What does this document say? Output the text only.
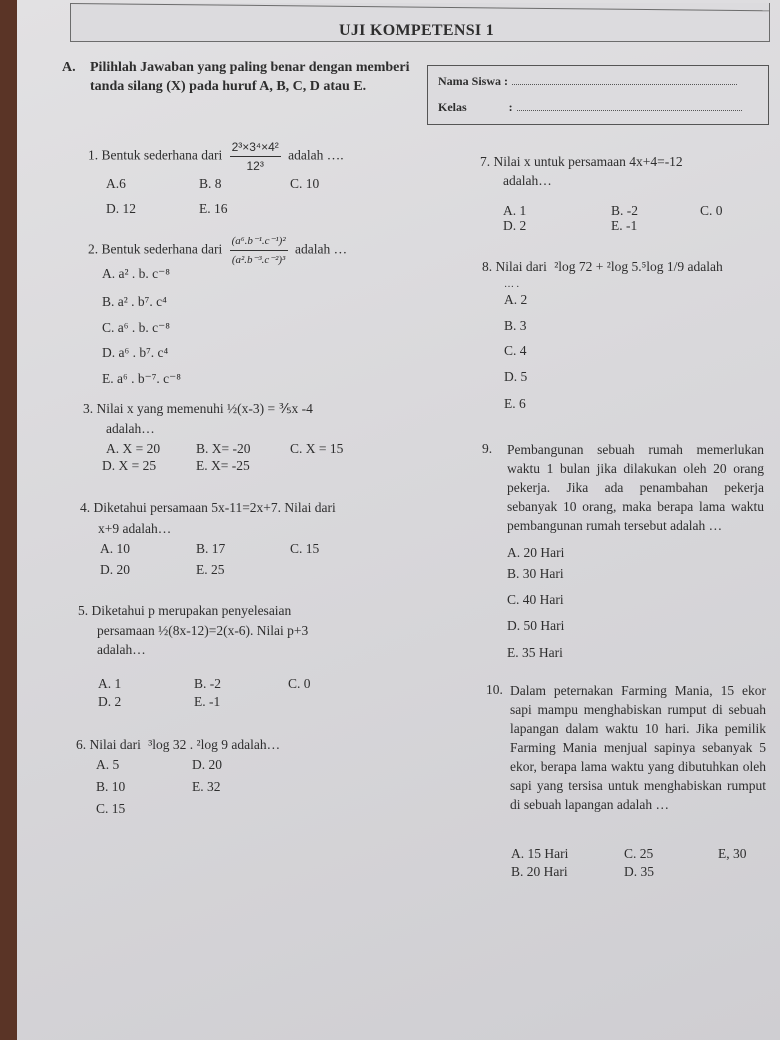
UJI KOMPETENSI 1
A. Pilihlah Jawaban yang paling benar dengan memberi tanda silang (X) pada huruf A, B, C, D atau E.	Nama Siswa :
Kelas	:
1. Bentuk sederhana dari $\frac{\text{2³×3⁴×4²}}{\text{12³}}$ adalah ….
A.6	B. 8	C. 10
D. 12	E. 16
2. Bentuk sederhana dari $\frac{\text{(a⁶.b⁻¹.c⁻¹)²}}{\text{(a².b⁻³.c⁻²)³}}$ adalah …
A. a² . b. c⁻⁸
B. a² . b⁷. c⁴
C. a⁶ . b. c⁻⁸
D. a⁶ . b⁷. c⁴
E. a⁶ . b⁻⁷. c⁻⁸
3. Nilai x yang memenuhi ½(x-3) = ⅗x -4
adalah…
A. X = 20	B. X= -20	C. X = 15
D. X = 25	E. X= -25
4. Diketahui persamaan 5x-11=2x+7. Nilai dari
x+9 adalah…
A. 10	B. 17	C. 15
D. 20	E. 25
5. Diketahui p merupakan penyelesaian
persamaan ½(8x-12)=2(x-6). Nilai p+3
adalah…
A. 1	B. -2	C. 0
D. 2	E. -1
6. Nilai dari ³log 32 . ²log 9 adalah…
A. 5	D. 20
B. 10	E. 32
C. 15
7. Nilai x untuk persamaan 4x+4=-12
adalah…
A. 1	B. -2	C. 0
D. 2	E. -1
8. Nilai dari ²log 72 + ²log 5.⁵log 1/9 adalah
… .
A. 2
B. 3
C. 4
D. 5
E. 6
9. Pembangunan sebuah rumah memerlukan waktu 1 bulan jika dilakukan oleh 20 orang pekerja. Jika ada penambahan pekerja sebanyak 10 orang, maka berapa lama waktu pembangunan rumah tersebut adalah …
A. 20 Hari
B. 30 Hari
C. 40 Hari
D. 50 Hari
E. 35 Hari
10. Dalam peternakan Farming Mania, 15 ekor sapi mampu menghabiskan rumput di sebuah lapangan dalam waktu 10 hari. Jika pemilik Farming Mania menjual sapinya sebanyak 5 ekor, berapa lama waktu yang dibutuhkan oleh sapi yang tersisa untuk menghabiskan rumput di sebuah lapangan adalah …
A. 15 Hari	C. 25	E, 30
B. 20 Hari	D. 35
